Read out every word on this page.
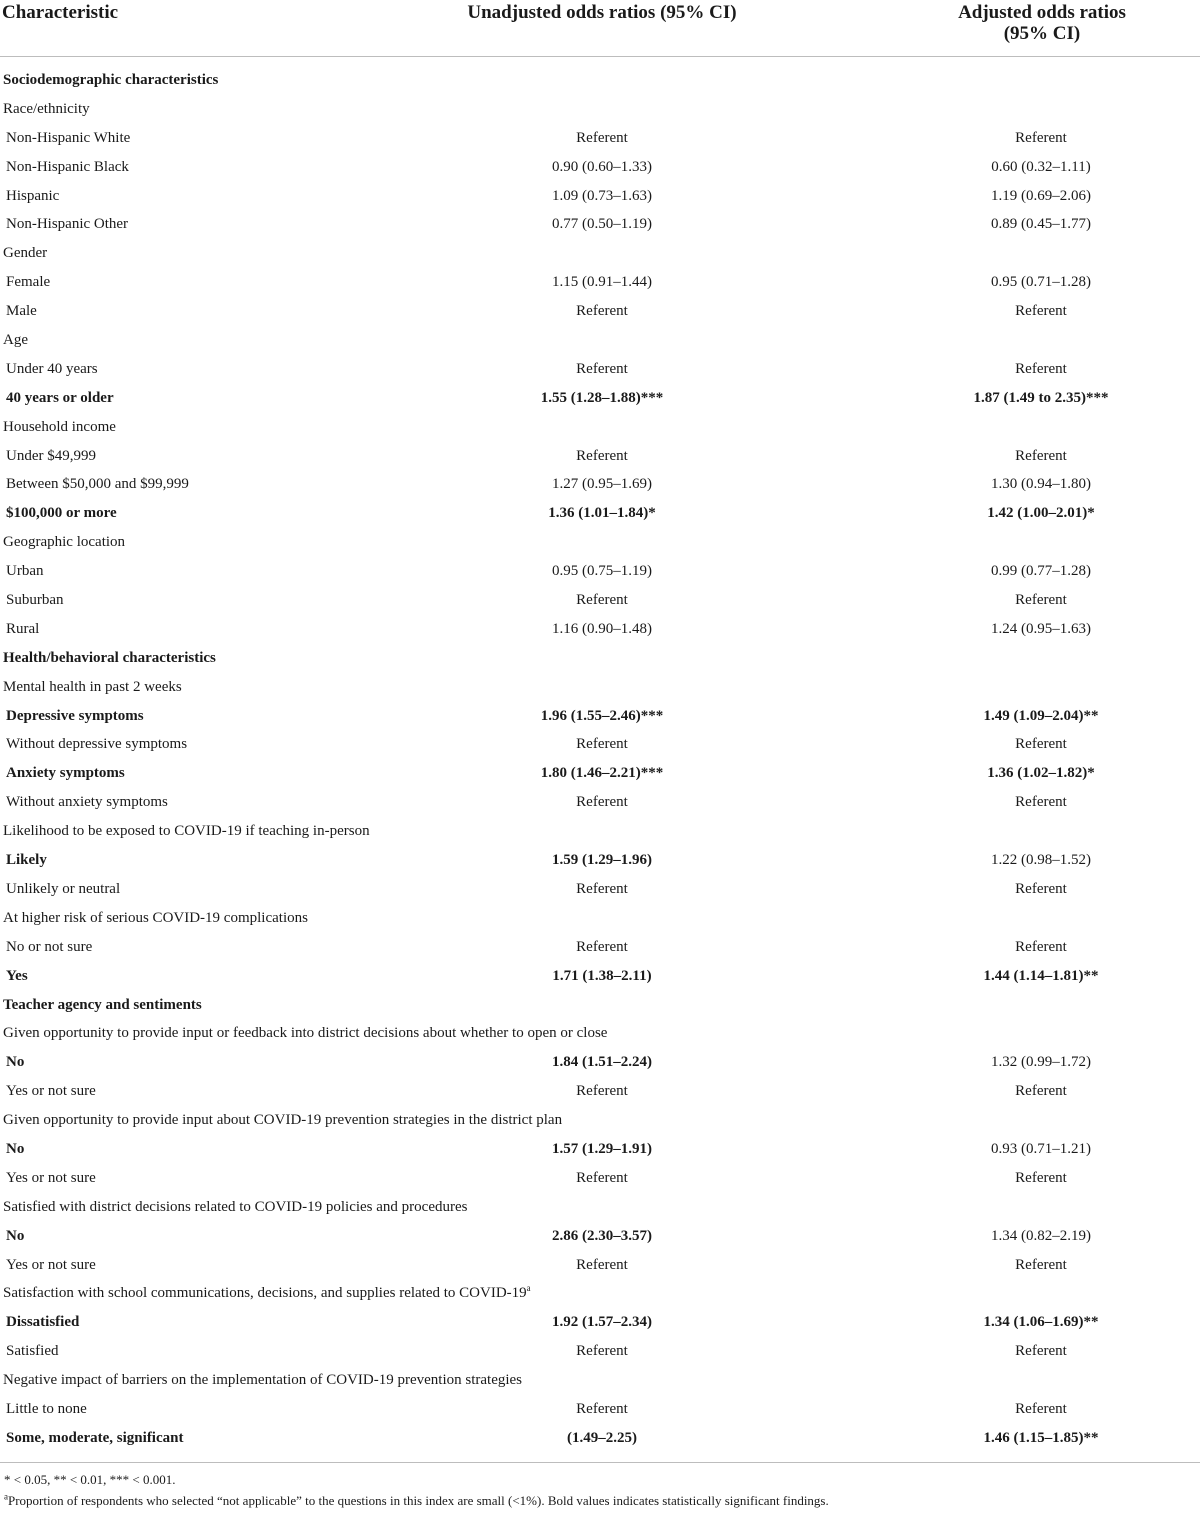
Characteristic	Unadjusted odds ratios (95% CI)	Adjusted odds ratios
(95% CI)
Sociodemographic characteristics
Race/ethnicity
Non-Hispanic White	Referent	Referent
Non-Hispanic Black	0.90 (0.60–1.33)	0.60 (0.32–1.11)
Hispanic	1.09 (0.73–1.63)	1.19 (0.69–2.06)
Non-Hispanic Other	0.77 (0.50–1.19)	0.89 (0.45–1.77)
Gender
Female	1.15 (0.91–1.44)	0.95 (0.71–1.28)
Male	Referent	Referent
Age
Under 40 years	Referent	Referent
40 years or older	1.55 (1.28–1.88)***	1.87 (1.49 to 2.35)***
Household income
Under $49,999	Referent	Referent
Between $50,000 and $99,999	1.27 (0.95–1.69)	1.30 (0.94–1.80)
$100,000 or more	1.36 (1.01–1.84)*	1.42 (1.00–2.01)*
Geographic location
Urban	0.95 (0.75–1.19)	0.99 (0.77–1.28)
Suburban	Referent	Referent
Rural	1.16 (0.90–1.48)	1.24 (0.95–1.63)
Health/behavioral characteristics
Mental health in past 2 weeks
Depressive symptoms	1.96 (1.55–2.46)***	1.49 (1.09–2.04)**
Without depressive symptoms	Referent	Referent
Anxiety symptoms	1.80 (1.46–2.21)***	1.36 (1.02–1.82)*
Without anxiety symptoms	Referent	Referent
Likelihood to be exposed to COVID-19 if teaching in-person
Likely	1.59 (1.29–1.96)	1.22 (0.98–1.52)
Unlikely or neutral	Referent	Referent
At higher risk of serious COVID-19 complications
No or not sure	Referent	Referent
Yes	1.71 (1.38–2.11)	1.44 (1.14–1.81)**
Teacher agency and sentiments
Given opportunity to provide input or feedback into district decisions about whether to open or close
No	1.84 (1.51–2.24)	1.32 (0.99–1.72)
Yes or not sure	Referent	Referent
Given opportunity to provide input about COVID-19 prevention strategies in the district plan
No	1.57 (1.29–1.91)	0.93 (0.71–1.21)
Yes or not sure	Referent	Referent
Satisfied with district decisions related to COVID-19 policies and procedures
No	2.86 (2.30–3.57)	1.34 (0.82–2.19)
Yes or not sure	Referent	Referent
Satisfaction with school communications, decisions, and supplies related to COVID-19$^a$
Dissatisfied	1.92 (1.57–2.34)	1.34 (1.06–1.69)**
Satisfied	Referent	Referent
Negative impact of barriers on the implementation of COVID-19 prevention strategies
Little to none	Referent	Referent
Some, moderate, significant	(1.49–2.25)	1.46 (1.15–1.85)**
* < 0.05, ** < 0.01, *** < 0.001.
$^a$Proportion of respondents who selected “not applicable” to the questions in this index are small (<1%). Bold values indicates statistically significant findings.
